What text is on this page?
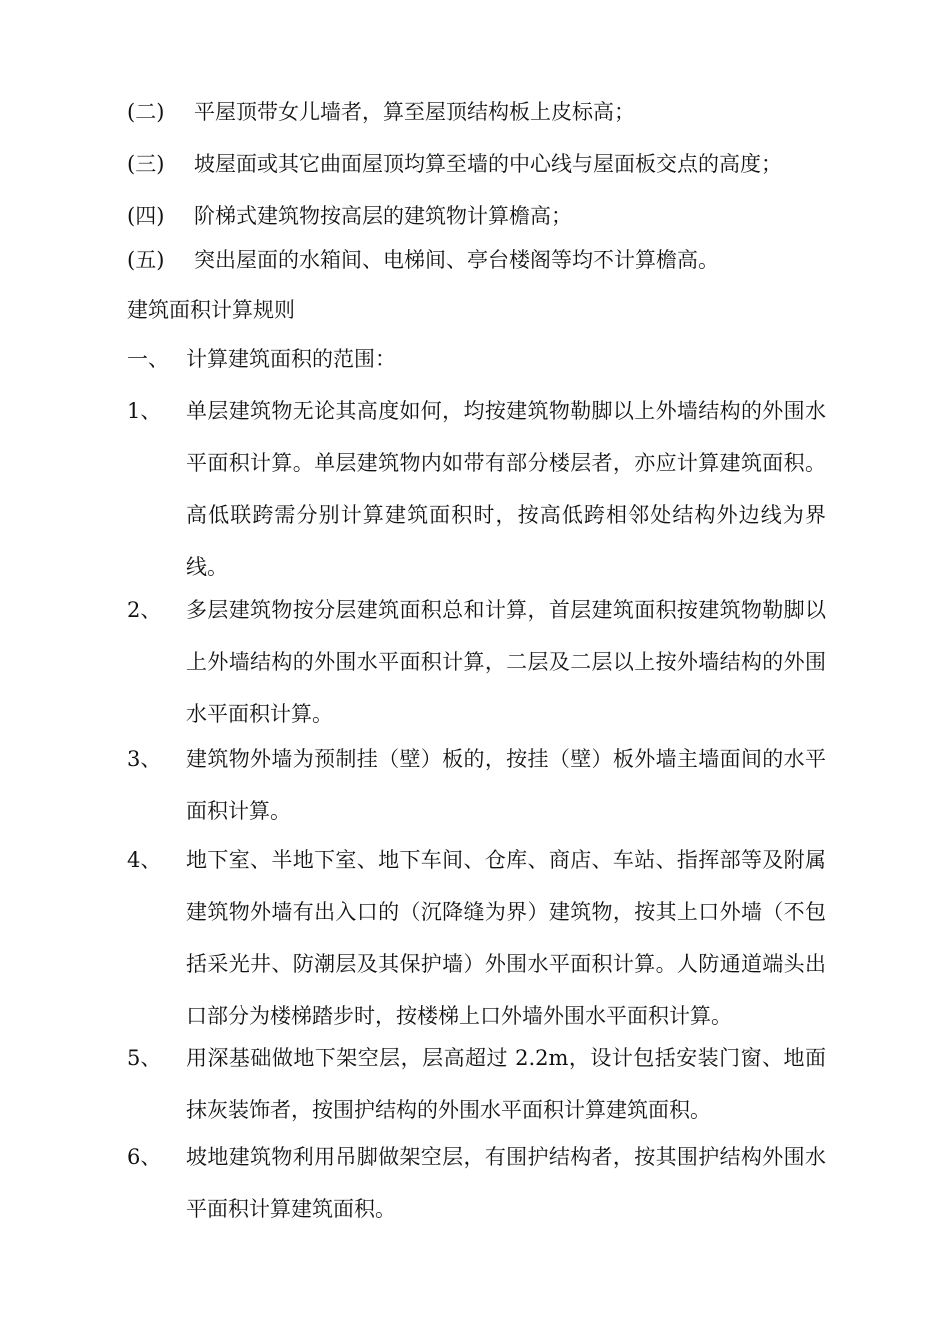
(二) 平屋顶带女儿墙者，算至屋顶结构板上皮标高；
(三) 坡屋面或其它曲面屋顶均算至墙的中心线与屋面板交点的高度；
(四) 阶梯式建筑物按高层的建筑物计算檐高；
(五) 突出屋面的水箱间、电梯间、亭台楼阁等均不计算檐高。
建筑面积计算规则
一、 计算建筑面积的范围：
1、 单层建筑物无论其高度如何，均按建筑物勒脚以上外墙结构的外围水平面积计算。单层建筑物内如带有部分楼层者，亦应计算建筑面积。高低联跨需分别计算建筑面积时，按高低跨相邻处结构外边线为界线。
2、 多层建筑物按分层建筑面积总和计算，首层建筑面积按建筑物勒脚以上外墙结构的外围水平面积计算，二层及二层以上按外墙结构的外围水平面积计算。
3、 建筑物外墙为预制挂（壁）板的，按挂（壁）板外墙主墙面间的水平面积计算。
4、 地下室、半地下室、地下车间、仓库、商店、车站、指挥部等及附属建筑物外墙有出入口的（沉降缝为界）建筑物，按其上口外墙（不包括采光井、防潮层及其保护墙）外围水平面积计算。人防通道端头出口部分为楼梯踏步时，按楼梯上口外墙外围水平面积计算。
5、 用深基础做地下架空层，层高超过 2.2m，设计包括安装门窗、地面抹灰装饰者，按围护结构的外围水平面积计算建筑面积。
6、 坡地建筑物利用吊脚做架空层，有围护结构者，按其围护结构外围水平面积计算建筑面积。
